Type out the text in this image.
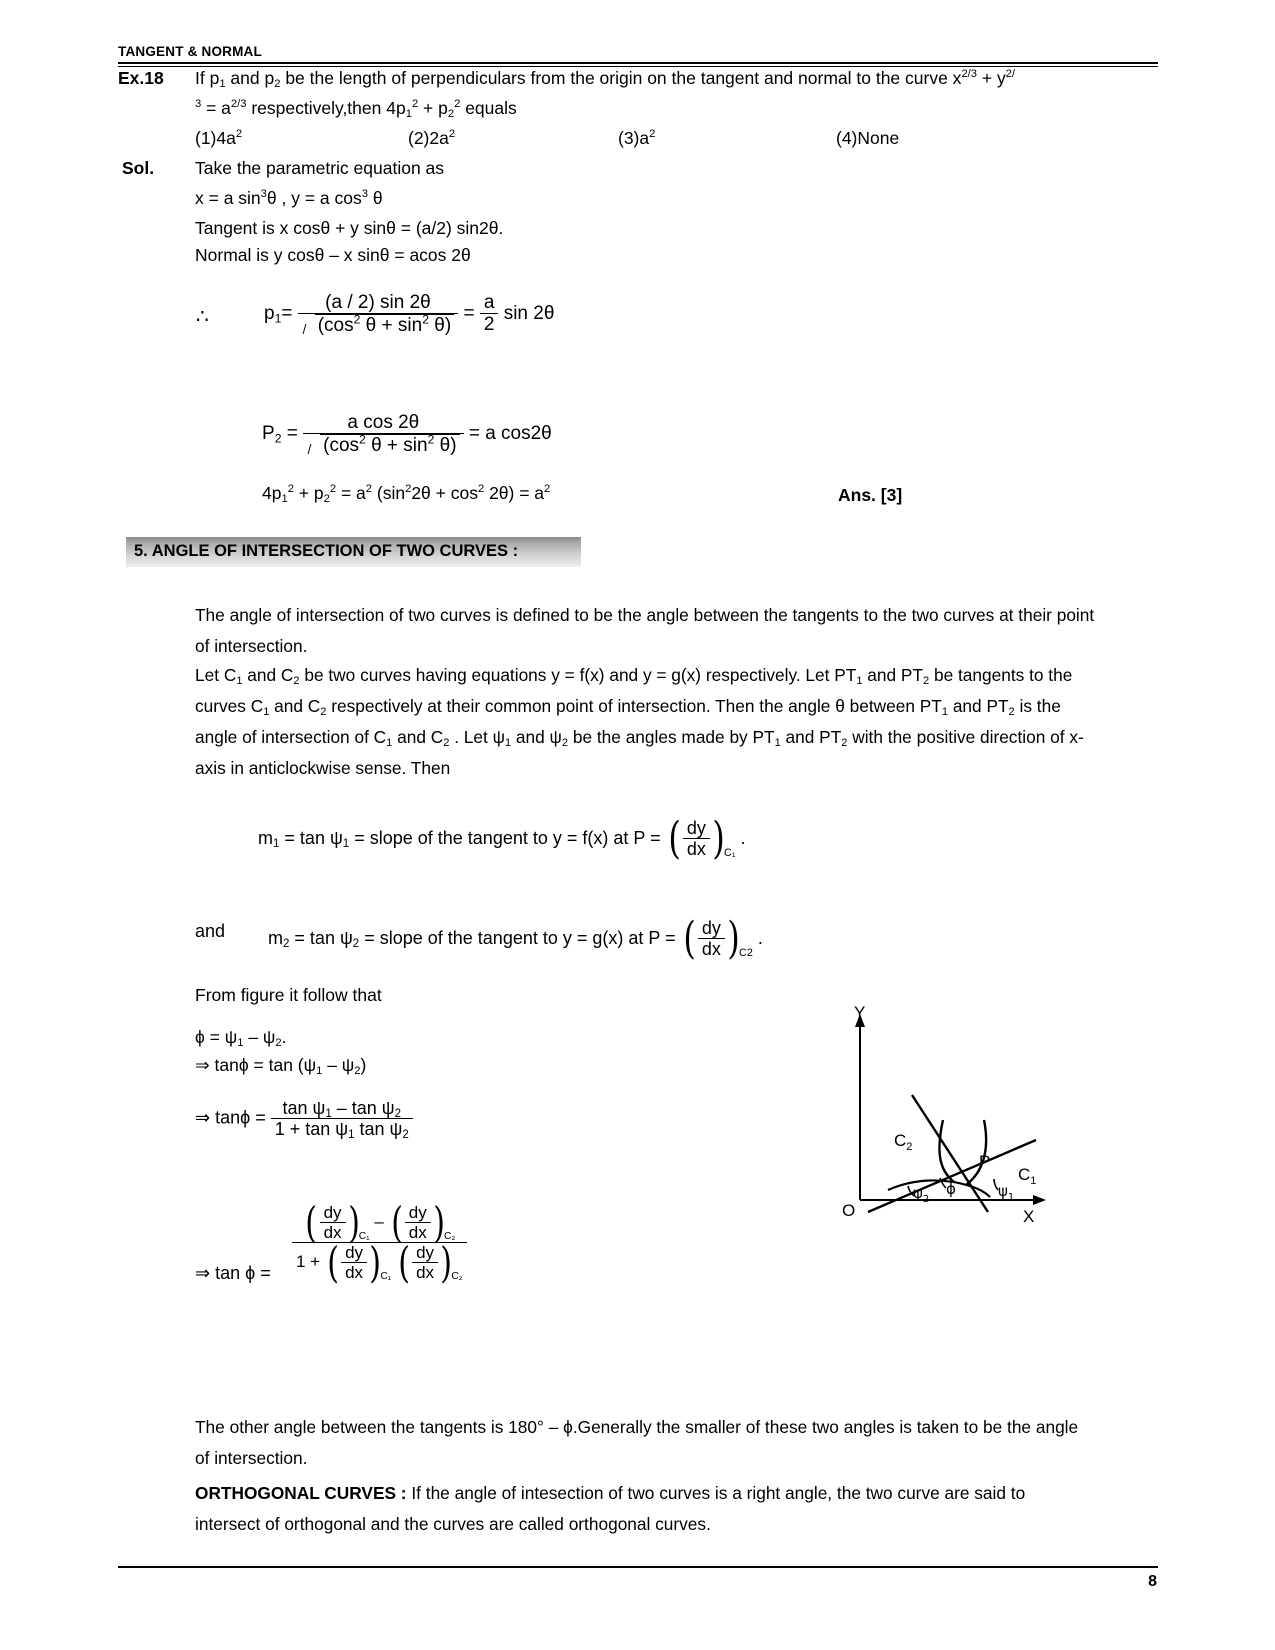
TANGENT & NORMAL
Ex.18 If $p_1$ and $p_2$ be the length of perpendiculars from the origin on the tangent and normal to the curve $x^{2/3} + y^{2/}$
$^3 = a^{2/3}$ respectively,then $4p_1^2 + p_2^2$ equals
$(1)4a^2$	$(2)2a^2$	$(3)a^2$	(4)None
Sol. Take the parametric equation as
x = a $\sin^3\theta$ , y = a $\cos^3 \theta$
Tangent is x cosθ + y sinθ = (a/2) sin2θ.
Normal is y cosθ – x sinθ = acos 2θ
∴	$p_1= \frac{(a / 2) \sin 2\theta}{(\cos^2 \theta + \sin^2 \theta)} = \frac{a}{2}$ sin 2θ
$P_2 = \frac{\text{a cos 2θ}}{(\cos^2 \theta + \sin^2 \theta)} = a$ cos2θ
$4p_1^2 + p_2^2 = a^2$ $(\sin^22\theta + \cos^2 2\theta) = a^2$	Ans. [3]
5. ANGLE OF INTERSECTION OF TWO CURVES :

The angle of intersection of two curves is defined to be the angle between the tangents to the two curves at their point of intersection.

Let $C_1$ and $C_2$ be two curves having equations y = f(x) and y = g(x) respectively. Let $PT_1$ and $PT_2$ be tangents to the curves $C_1$ and $C_2$ respectively at their common point of intersection. Then the angle θ between $PT_1$ and $PT_2$ is the angle of intersection of $C_1$ and $C_2$ . Let $\psi_1$ and $\psi_2$ be the angles made by $PT_1$ and $PT_2$ with the positive direction of x-axis in anticlockwise sense. Then

$m_1 = \tan \psi_1$ = slope of the tangent to y = f(x) at P = ( $\frac{dy}{dx} )C_1$ .
and $m_2 = \tan \psi_2$ = slope of the tangent to y = g(x) at P = ( $\frac{dy}{dx} )C2$ .
From figure it follow that
$\phi = \psi_1 - \psi_2$.
⇒ $\tan\phi = \tan (\psi_1 - \psi_2)$
⇒ $\tan\phi = \frac{\tan \psi_1 - \tan \psi_2}{1 + \tan \psi_1 \tan \psi_2}$
⇒ $\tan \phi = \frac{( \frac{dy}{dx} )C_1 - ( \frac{dy}{dx} )C_2}{1 + ( \frac{dy}{dx} )C_1 ( \frac{dy}{dx} )C_2}$
Y
X
O
P
$C_1$
$C_2$
$\psi_2$
ϕ	$\psi_1$

The other angle between the tangents is 180° – ϕ.Generally the smaller of these two angles is taken to be the angle of intersection.

ORTHOGONAL CURVES : If the angle of intesection of two curves is a right angle, the two curve are said to intersect of orthogonal and the curves are called orthogonal curves.

8
